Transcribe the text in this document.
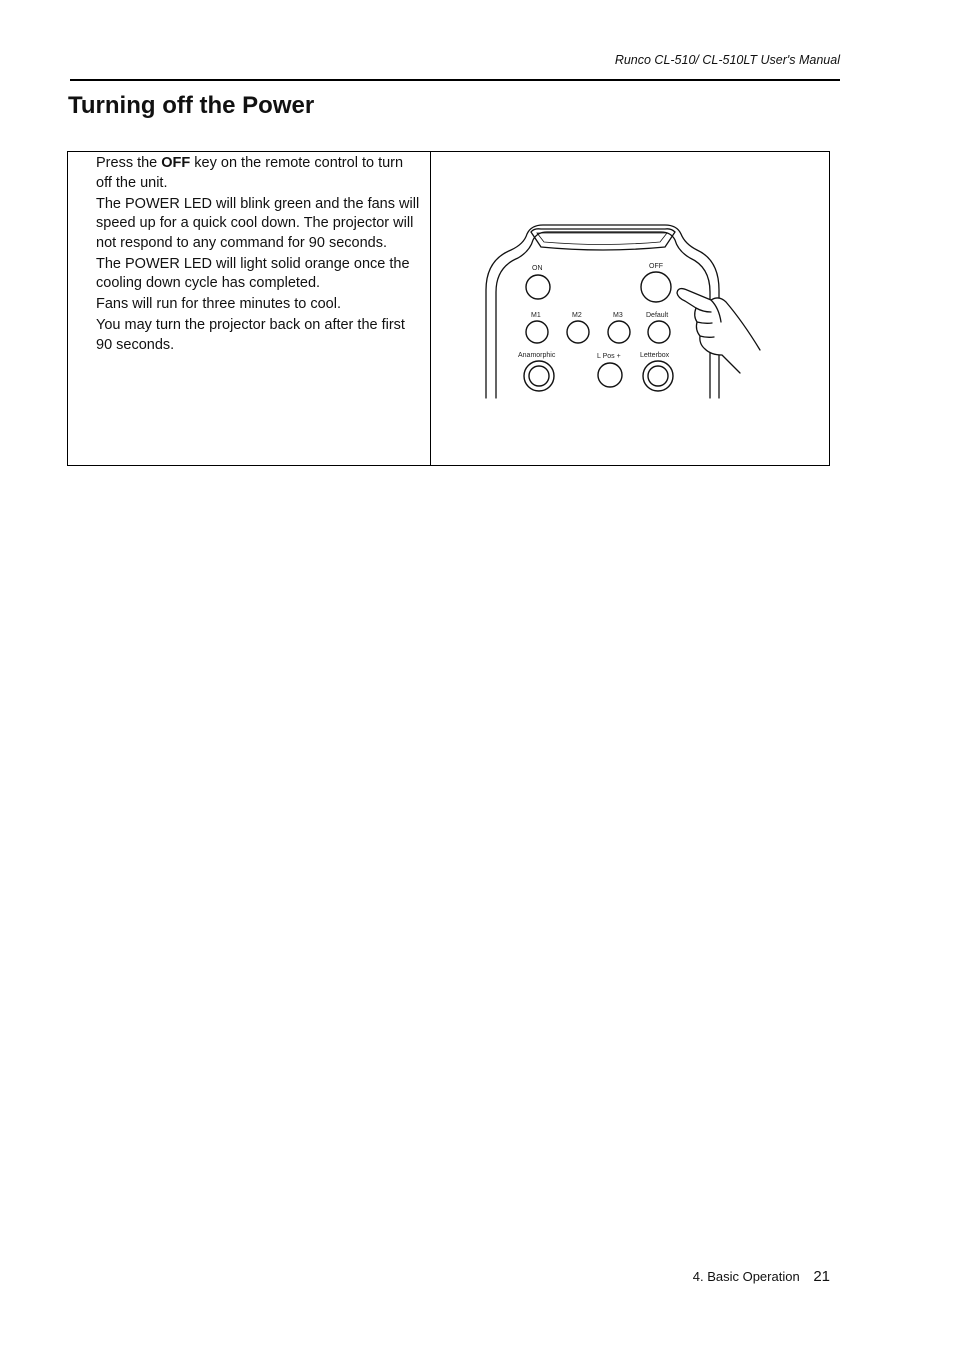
Runco CL-510/ CL-510LT User's Manual
Turning off the Power

Press the OFF key on the remote control to turn off the unit.

The POWER LED will blink green and the fans will speed up for a quick cool down. The projector will not respond to any command for 90 seconds.

The POWER LED will light solid orange once the cooling down cycle has completed.

Fans will run for three minutes to cool.

You may turn the projector back on after the first 90 seconds.

ON	OFF
M1	M2	M3	Default
Anamorphic	L Pos +	Letterbox
4. Basic Operation 21
